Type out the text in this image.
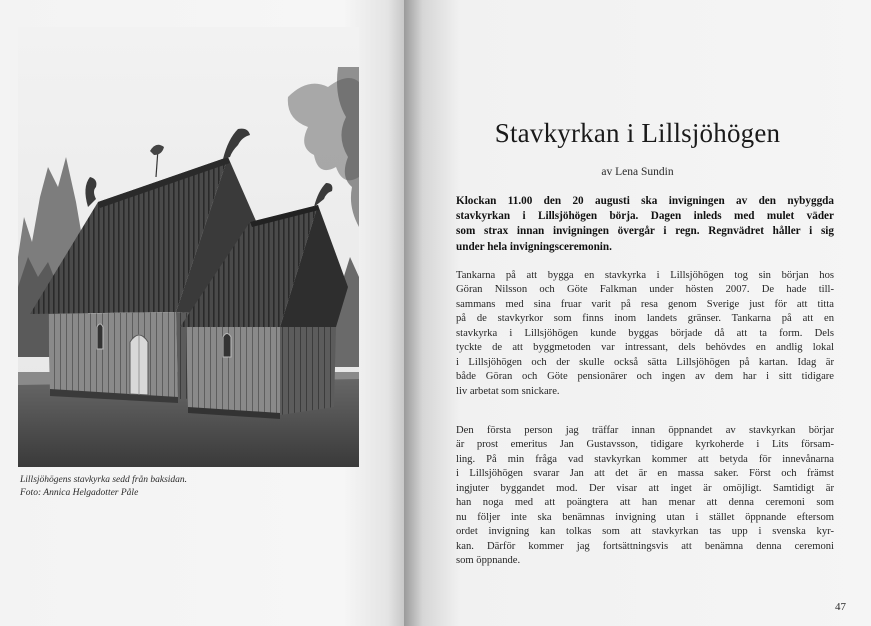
Lillsjöhögens stavkyrka sedd från baksidan.
Foto: Annica Helgadotter Påle
Stavkyrkan i Lillsjöhögen
av Lena Sundin
Klockan 11.00 den 20 augusti ska invigningen av den nybyggda
stavkyrkan i Lillsjöhögen börja. Dagen inleds med mulet väder
som strax innan invigningen övergår i regn. Regnvädret håller i sig
under hela invigningsceremonin.
Tankarna på att bygga en stavkyrka i Lillsjöhögen tog sin början hos
Göran Nilsson och Göte Falkman under hösten 2007. De hade till-
sammans med sina fruar varit på resa genom Sverige just för att titta
på de stavkyrkor som finns inom landets gränser. Tankarna på att en
stavkyrka i Lillsjöhögen kunde byggas började då att ta form. Dels
tyckte de att byggmetoden var intressant, dels behövdes en andlig lokal
i Lillsjöhögen och der skulle också sätta Lillsjöhögen på kartan. Idag är
både Göran och Göte pensionärer och ingen av dem har i sitt tidigare
liv arbetat som snickare.
Den första person jag träffar innan öppnandet av stavkyrkan börjar
är prost emeritus Jan Gustavsson, tidigare kyrkoherde i Lits försam-
ling. På min fråga vad stavkyrkan kommer att betyda för innevånarna
i Lillsjöhögen svarar Jan att det är en massa saker. Först och främst
ingjuter byggandet mod. Der visar att inget är omöjligt. Samtidigt är
han noga med att poängtera att han menar att denna ceremoni som
nu följer inte ska benämnas invigning utan i stället öppnande eftersom
ordet invigning kan tolkas som att stavkyrkan tas upp i svenska kyr-
kan. Därför kommer jag fortsättningsvis att benämna denna ceremoni
som öppnande.
47
